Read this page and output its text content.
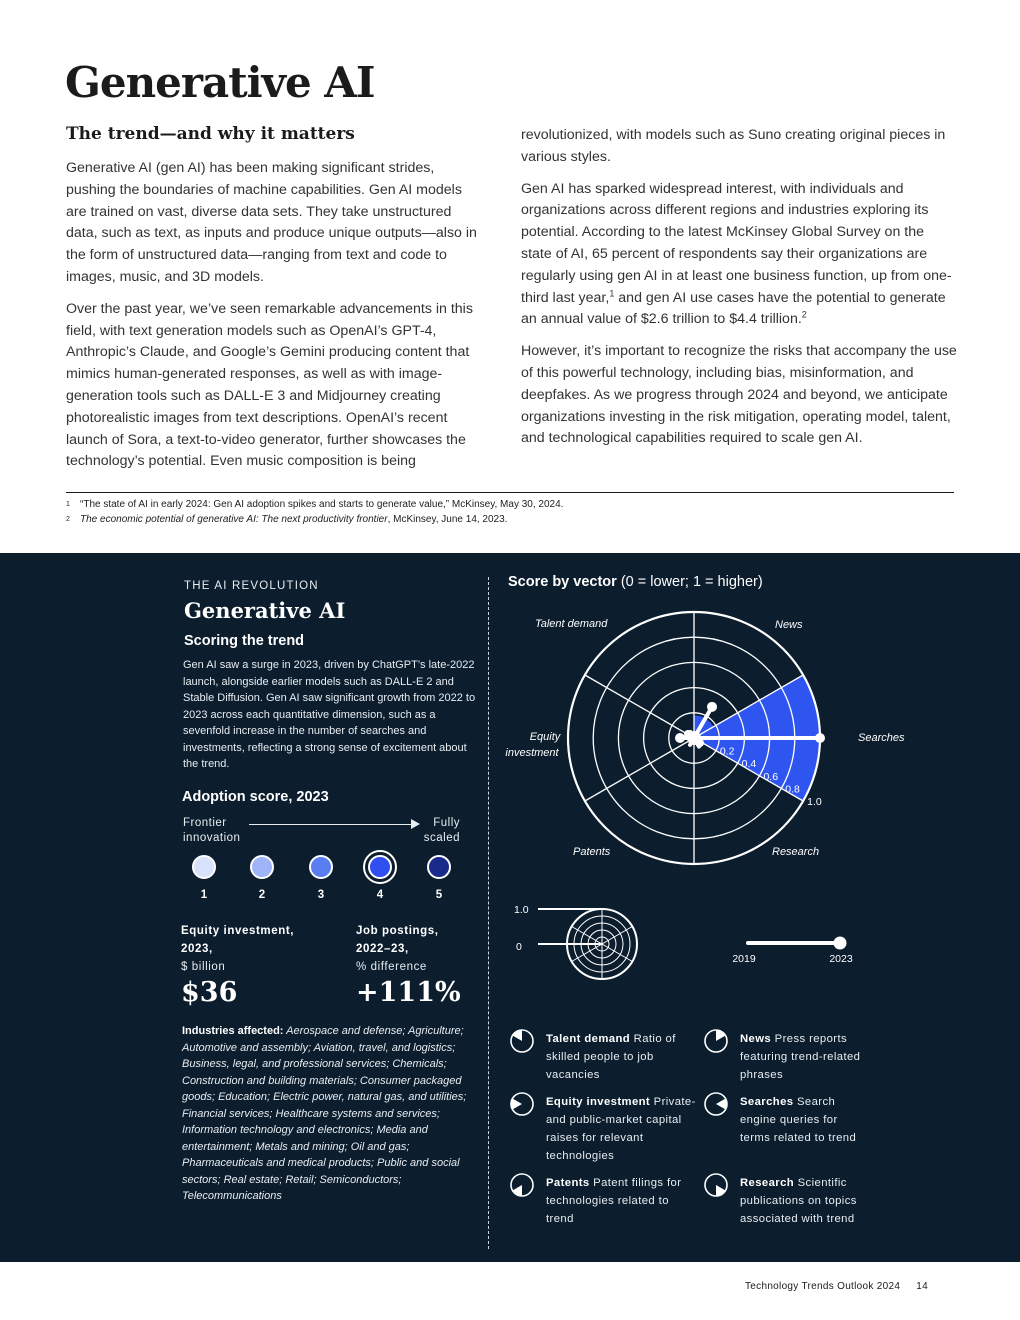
Generative AI
The trend—and why it matters

Generative AI (gen AI) has been making significant strides, pushing the boundaries of machine capabilities. Gen AI models are trained on vast, diverse data sets. They take unstructured data, such as text, as inputs and produce unique outputs—also in the form of unstructured data—ranging from text and code to images, music, and 3D models.

Over the past year, we’ve seen remarkable advancements in this field, with text generation models such as OpenAI’s GPT-4, Anthropic’s Claude, and Google’s Gemini producing content that mimics human-generated responses, as well as with image-generation tools such as DALL-E 3 and Midjourney creating photorealistic images from text descriptions. OpenAI’s recent launch of Sora, a text-to-video generator, further showcases the technology’s potential. Even music composition is being

revolutionized, with models such as Suno creating original pieces in various styles.

Gen AI has sparked widespread interest, with individuals and organizations across different regions and industries exploring its potential. According to the latest McKinsey Global Survey on the state of AI, 65 percent of respondents say their organizations are regularly using gen AI in at least one business function, up from one-third last year,$^1$ and gen AI use cases have the potential to generate an annual value of $2.6 trillion to $4.4 trillion.$^2$

However, it’s important to recognize the risks that accompany the use of this powerful technology, including bias, misinformation, and deepfakes. As we progress through 2024 and beyond, we anticipate organizations investing in the risk mitigation, operating model, talent, and technological capabilities required to scale gen AI.

1 “The state of AI in early 2024: Gen AI adoption spikes and starts to generate value,” McKinsey, May 30, 2024.
2 The economic potential of generative AI: The next productivity frontier, McKinsey, June 14, 2023.
THE AI REVOLUTION
Generative AI
Scoring the trend
Gen AI saw a surge in 2023, driven by ChatGPT’s late-2022 launch, alongside earlier models such as DALL-E 2 and Stable Diffusion. Gen AI saw significant growth from 2022 to 2023 across each quantitative dimension, such as a sevenfold increase in the number of searches and investments, reflecting a strong sense of excitement about the trend.
Adoption score, 2023
Frontier innovation
Fully scaled
1	2	3	4	5
Equity investment,
2023,
$ billion
$36
Job postings,
2022–23,
% difference
+111%
Industries affected: Aerospace and defense; Agriculture; Automotive and assembly; Aviation, travel, and logistics; Business, legal, and professional services; Chemicals; Construction and building materials; Consumer packaged goods; Education; Electric power, natural gas, and utilities; Financial services; Healthcare systems and services; Information technology and electronics; Media and entertainment; Metals and mining; Oil and gas; Pharmaceuticals and medical products; Public and social sectors; Real estate; Retail; Semiconductors; Telecommunications
Score by vector (0 = lower; 1 = higher)
0.2
0.4
0.6
0.8
1.0
News
Searches
Research
Patents
Talent demand
Equity
investment
1.0
0
2019	2023
Talent demand Ratio of skilled people to job vacancies
News Press reports featuring trend-related phrases
Equity investment Private- and public-market capital raises for relevant technologies
Searches Search engine queries for terms related to trend
Patents Patent filings for technologies related to trend
Research Scientific publications on topics associated with trend
Technology Trends Outlook 2024 14
